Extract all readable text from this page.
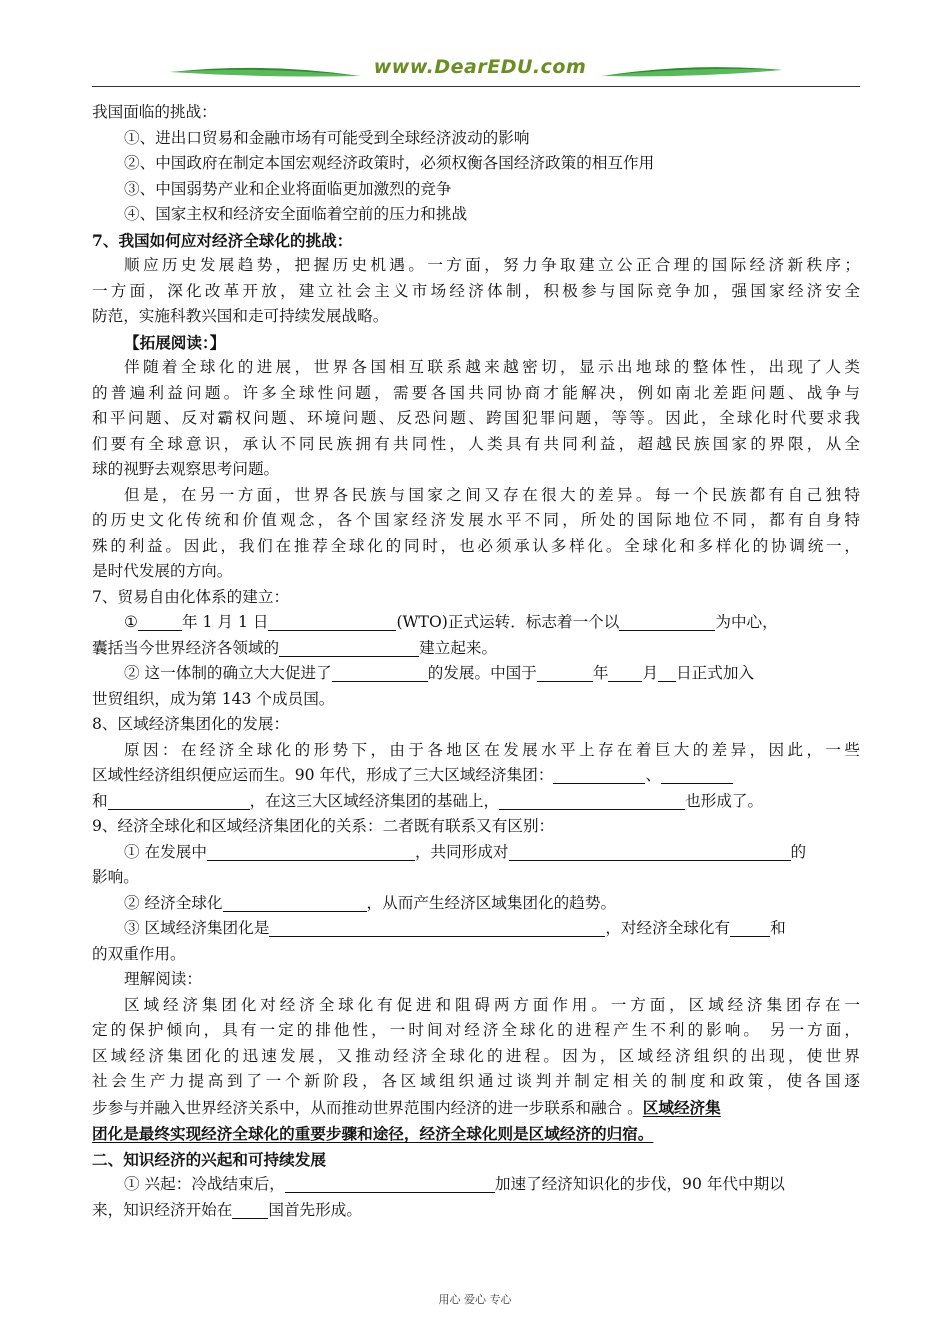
www.DearEDU.com

我国面临的挑战：

①、进出口贸易和金融市场有可能受到全球经济波动的影响

②、中国政府在制定本国宏观经济政策时，必须权衡各国经济政策的相互作用

③、中国弱势产业和企业将面临更加激烈的竞争

④、国家主权和经济安全面临着空前的压力和挑战

7、我国如何应对经济全球化的挑战：

顺应历史发展趋势，把握历史机遇。一方面，努力争取建立公正合理的国际经济新秩序；

一方面，深化改革开放，建立社会主义市场经济体制，积极参与国际竞争加，强国家经济安全

防范，实施科教兴国和走可持续发展战略。

【拓展阅读：】

伴随着全球化的进展，世界各国相互联系越来越密切，显示出地球的整体性，出现了人类

的普遍利益问题。许多全球性问题，需要各国共同协商才能解决，例如南北差距问题、战争与

和平问题、反对霸权问题、环境问题、反恐问题、跨国犯罪问题，等等。因此，全球化时代要求我

们要有全球意识，承认不同民族拥有共同性，人类具有共同利益，超越民族国家的界限，从全

球的视野去观察思考问题。

但是，在另一方面，世界各民族与国家之间又存在很大的差异。每一个民族都有自己独特

的历史文化传统和价值观念，各个国家经济发展水平不同，所处的国际地位不同，都有自身特

殊的利益。因此，我们在推荐全球化的同时，也必须承认多样化。全球化和多样化的协调统一，

是时代发展的方向。

7、贸易自由化体系的建立：

①	年 1 月 1 日	(WTO)正式运转．标志着一个以	为中心，

囊括当今世界经济各领域的	建立起来。

② 这一体制的确立大大促进了	的发展。中国于	年 月 日正式加入

世贸组织，成为第 143 个成员国。

8、区域经济集团化的发展：

原因：在经济全球化的形势下，由于各地区在发展水平上存在着巨大的差异，因此，一些

区域性经济组织便应运而生。90 年代，形成了三大区域经济集团：	、

和	，在这三大区域经济集团的基础上，	也形成了。

9、经济全球化和区域经济集团化的关系：二者既有联系又有区别：

① 在发展中	，共同形成对	的

影响。

② 经济全球化	，从而产生经济区域集团化的趋势。

③ 区域经济集团化是	，对经济全球化有	和

的双重作用。

理解阅读：

区域经济集团化对经济全球化有促进和阻碍两方面作用。一方面，区域经济集团存在一

定的保护倾向，具有一定的排他性，一时间对经济全球化的进程产生不利的影响。 另一方面，

区域经济集团化的迅速发展，又推动经济全球化的进程。因为，区域经济组织的出现，使世界

社会生产力提高到了一个新阶段，各区域组织通过谈判并制定相关的制度和政策，使各国逐

步参与并融入世界经济关系中，从而推动世界范围内经济的进一步联系和融合 。区域经济集

团化是最终实现经济全球化的重要步骤和途径，经济全球化则是区域经济的归宿。

二、知识经济的兴起和可持续发展

① 兴起：冷战结束后，	加速了经济知识化的步伐，90 年代中期以

来，知识经济开始在 国首先形成。

用心 爱心 专心
